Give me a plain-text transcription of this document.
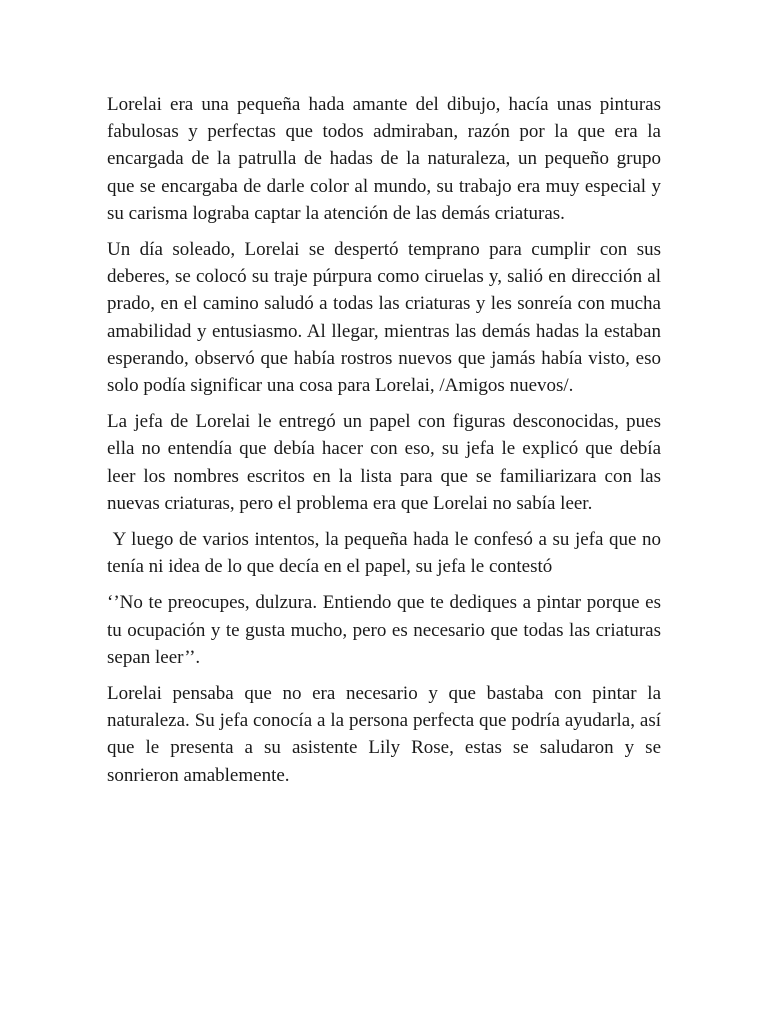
Lorelai era una pequeña hada amante del dibujo, hacía unas pinturas fabulosas y perfectas que todos admiraban, razón por la que era la encargada de la patrulla de hadas de la naturaleza, un pequeño grupo que se encargaba de darle color al mundo, su trabajo era muy especial y su carisma lograba captar la atención de las demás criaturas.

Un día soleado, Lorelai se despertó temprano para cumplir con sus deberes, se colocó su traje púrpura como ciruelas y, salió en dirección al prado, en el camino saludó a todas las criaturas y les sonreía con mucha amabilidad y entusiasmo. Al llegar, mientras las demás hadas la estaban esperando, observó que había rostros nuevos que jamás había visto, eso solo podía significar una cosa para Lorelai, /Amigos nuevos/.

La jefa de Lorelai le entregó un papel con figuras desconocidas, pues ella no entendía que debía hacer con eso, su jefa le explicó que debía leer los nombres escritos en la lista para que se familiarizara con las nuevas criaturas, pero el problema era que Lorelai no sabía leer.

Y luego de varios intentos, la pequeña hada le confesó a su jefa que no tenía ni idea de lo que decía en el papel, su jefa le contestó

‘’No te preocupes, dulzura. Entiendo que te dediques a pintar porque es tu ocupación y te gusta mucho, pero es necesario que todas las criaturas sepan leer’’.

Lorelai pensaba que no era necesario y que bastaba con pintar la naturaleza. Su jefa conocía a la persona perfecta que podría ayudarla, así que le presenta a su asistente Lily Rose, estas se saludaron y se sonrieron amablemente.
